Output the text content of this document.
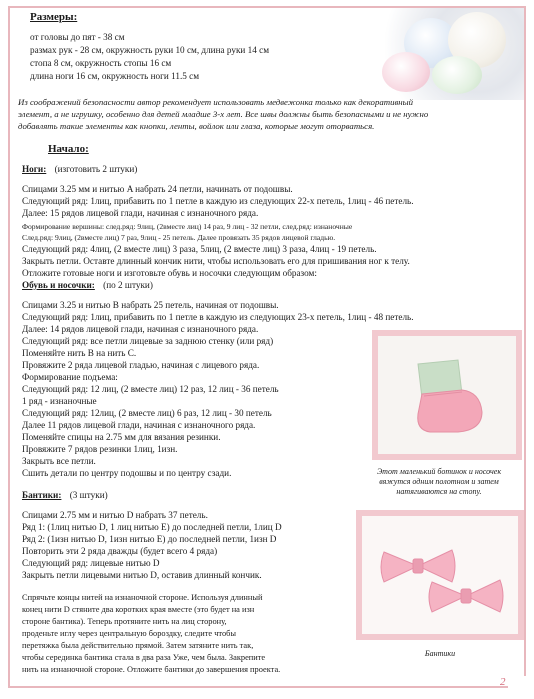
Размеры:
от головы до пят - 38 см
размах рук - 28 см, окружность руки 10 см, длина руки 14 см
стопа 8 см, окружность стопы 16 см
длина ноги 16 см, окружность ноги 11.5 см
Из соображений безопасности автор рекомендует использовать медвежонка только как декоративный
элемент, а не игрушку, особенно для детей младше 3-х лет. Все швы должны быть безопасными и не нужно
добавлять такие элементы как кнопки, ленты, войлок или глаза, которые могут оторваться.
Начало:
Ноги: (изготовить 2 штуки)
Спицами 3.25 мм и нитью A набрать 24 петли, начинать от подошвы.
Следующий ряд: 1лиц, прибавить по 1 петле в каждую из следующих 22-х петель, 1лиц - 46 петель.
Далее: 15 рядов лицевой глади, начиная с изнаночного ряда.
Формирование вершины: след.ряд: 9лиц, (2вместе лиц) 14 раз, 9 лиц - 32 петли, след.ряд: изнаночные
След.ряд: 9лиц, (2вместе лиц) 7 раз, 9лиц - 25 петель. Далее провязать 35 рядов лицевой гладью.
Следующий ряд: 4лиц, (2 вместе лиц) 3 раза, 5лиц, (2 вместе лиц) 3 раза, 4лиц - 19 петель.
Закрыть петли. Оставте длинный кончик нити, чтобы использовать его для пришивания ног к телу.
Отложите готовые ноги и изготовьте обувь и носочки следующим образом:
Обувь и носочки: (по 2 штуки)
Спицами 3.25 и нитью B набрать 25 петель, начиная от подошвы.
Следующий ряд: 1лиц, прибавить по 1 петле в каждую из следующих 23-х петель, 1лиц - 48 петель.
Далее: 14 рядов лицевой глади, начиная с изнаночного ряда.
Следующий ряд: все петли лицевые за заднюю стенку (или ряд)
Поменяйте нить B на нить C.
Провяжите 2 ряда лицевой гладью, начиная с лицевого ряда.
Формирование подъема:
Следующий ряд: 12 лиц, (2 вместе лиц) 12 раз, 12 лиц - 36 петель
1 ряд - изнаночные
Следующий ряд: 12лиц, (2 вместе лиц) 6 раз, 12 лиц - 30 петель
Далее 11 рядов лицевой глади, начиная с изнаночного ряда.
Поменяйте спицы на 2.75 мм для вязания резинки.
Провяжите 7 рядов резинки 1лиц, 1изн.
Закрыть все петли.
Сшить детали по центру подошвы и по центру сзади.	Этот маленький ботинок и носочек
вяжутся одним полотном и затем
натягиваются на стопу.
Бантики: (3 штуки)
Спицами 2.75 мм и нитью D набрать 37 петель.
Ряд 1: (1лиц нитью D, 1 лиц нитью E) до последней петли, 1лиц D
Ряд 2: (1изн нитью D, 1изн нитью E) до последней петли, 1изн D
Повторить эти 2 ряда дважды (будет всего 4 ряда)
Следующий ряд: лицевые нитью D
Закрыть петли лицевыми нитью D, оставив длинный кончик.
Спрячьте концы нитей на изнаночной стороне. Используя длинный
конец нити D стяните два коротких края вместе (это будет на изн
стороне бантика). Теперь протяните нить на лиц сторону,
проденьте иглу через центральную бороздку, следите чтобы
перетяжка была действительно прямой. Затем затяните нить так,
чтобы серединка бантика стала в два раза Уже, чем была. Закрепите
нить на изнаночной стороне. Отложите бантики до завершения проекта.
Бантики
2
